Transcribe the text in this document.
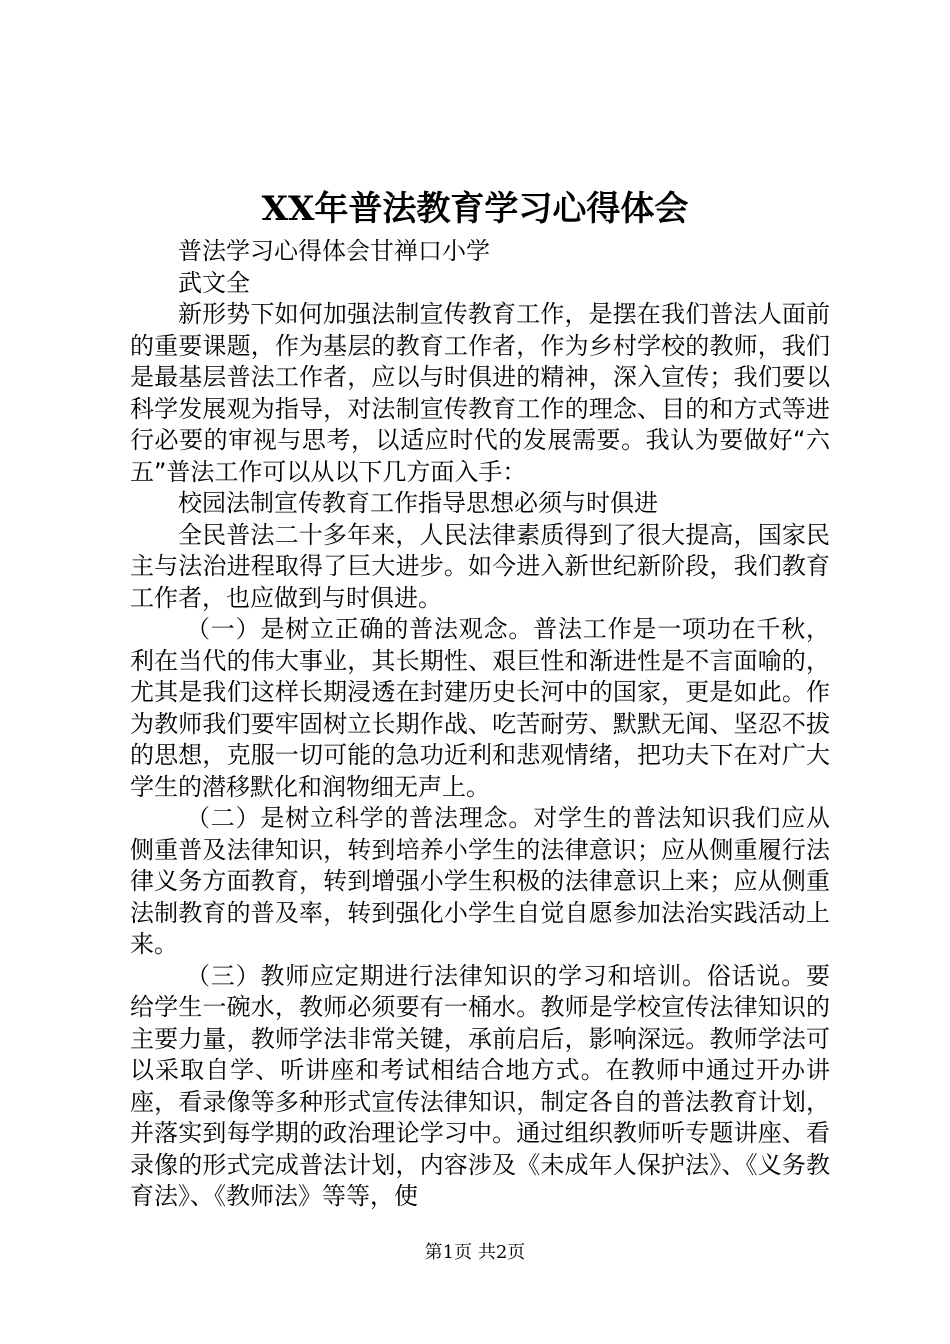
XX年普法教育学习心得体会

普法学习心得体会甘禅口小学

武文全

新形势下如何加强法制宣传教育工作，是摆在我们普法人面前的重要课题，作为基层的教育工作者，作为乡村学校的教师，我们是最基层普法工作者，应以与时俱进的精神，深入宣传；我们要以科学发展观为指导，对法制宣传教育工作的理念、目的和方式等进行必要的审视与思考，以适应时代的发展需要。我认为要做好“六五”普法工作可以从以下几方面入手：

校园法制宣传教育工作指导思想必须与时俱进

全民普法二十多年来，人民法律素质得到了很大提高，国家民主与法治进程取得了巨大进步。如今进入新世纪新阶段，我们教育工作者，也应做到与时俱进。

（一）是树立正确的普法观念。普法工作是一项功在千秋，利在当代的伟大事业，其长期性、艰巨性和渐进性是不言面喻的，尤其是我们这样长期浸透在封建历史长河中的国家，更是如此。作为教师我们要牢固树立长期作战、吃苦耐劳、默默无闻、坚忍不拔的思想，克服一切可能的急功近利和悲观情绪，把功夫下在对广大学生的潜移默化和润物细无声上。

（二）是树立科学的普法理念。对学生的普法知识我们应从侧重普及法律知识，转到培养小学生的法律意识；应从侧重履行法律义务方面教育，转到增强小学生积极的法律意识上来；应从侧重法制教育的普及率，转到强化小学生自觉自愿参加法治实践活动上来。

（三）教师应定期进行法律知识的学习和培训。俗话说。要给学生一碗水，教师必须要有一桶水。教师是学校宣传法律知识的主要力量，教师学法非常关键，承前启后，影响深远。教师学法可以采取自学、听讲座和考试相结合地方式。在教师中通过开办讲座，看录像等多种形式宣传法律知识，制定各自的普法教育计划，并落实到每学期的政治理论学习中。通过组织教师听专题讲座、看录像的形式完成普法计划，内容涉及《未成年人保护法》、《义务教育法》、《教师法》等等，使

第1页 共2页
